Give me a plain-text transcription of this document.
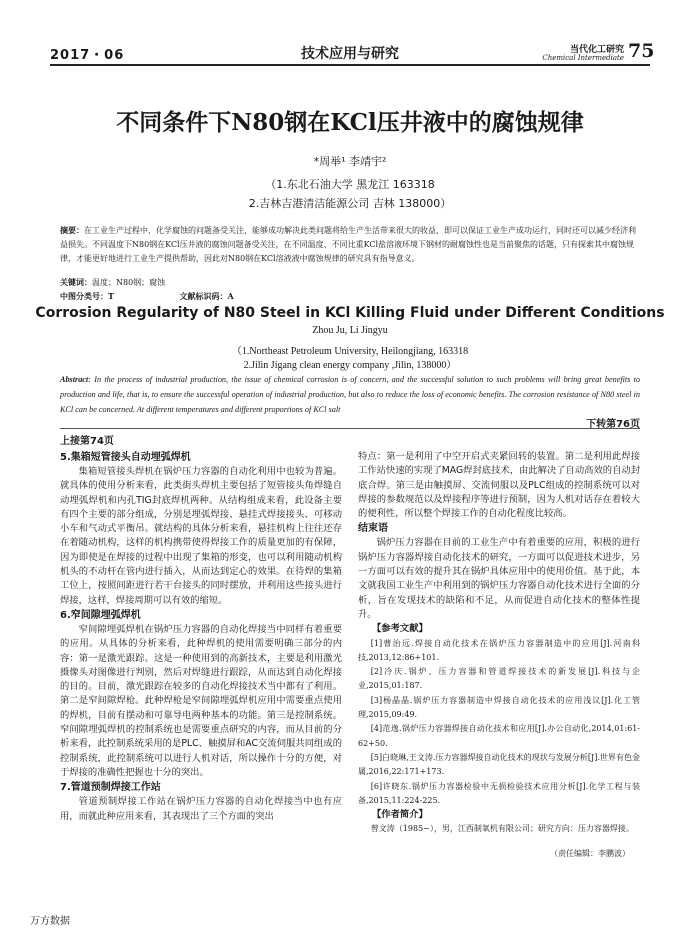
2017・06	技术应用与研究	当代化工研究
Chemical Intermediate 75
不同条件下N80钢在KCl压井液中的腐蚀规律
*周举¹ 李靖宇²
（1.东北石油大学 黑龙江 163318
2.吉林吉港清洁能源公司 吉林 138000）
摘要：在工业生产过程中，化学腐蚀的问题备受关注，能够成功解决此类问题将给生产生活带来很大的收益，即可以保证工业生产成功运行，同时还可以减少经济利益损失。不同温度下N80钢在KCl压井液的腐蚀问题备受关注，在不同温度、不同比重KCl盐溶液环境下钢材的耐腐蚀性也是当前聚焦的话题，只有探索其中腐蚀规律，才能更好地进行工业生产提供帮助，因此对N80钢在KCl溶液液中腐蚀规律的研究具有指导意义。
关键词：温度；N80钢；腐蚀
中图分类号：T	文献标识码：A
Corrosion Regularity of N80 Steel in KCl Killing Fluid under Different Conditions
Zhou Ju, Li Jingyu
（1.Northeast Petroleum University, Heilongjiang, 163318
2.Jilin Jigang clean energy company ,Jilin, 138000）
Abstract: In the process of industrial production, the issue of chemical corrosion is of concern, and the successful solution to such problems will bring great benefits to production and life, that is, to ensure the successful operation of industrial production, but also to reduce the loss of economic benefits. The corrosion resistance of N80 steel in KCl can be concerned. At different temperatures and different proportions of KCl salt
下转第76页
上接第74页
5.集箱短管接头自动埋弧焊机

集箱短管接头焊机在锅炉压力容器的自动化利用中也较为普遍。就具体的使用分析来看，此类街头焊机主要包括了短管接头角焊缝自动埋弧焊机和内孔TIG封底焊机两种。从结构组成来看，此设备主要有四个主要的部分组成，分别是埋弧焊接、悬挂式焊接接头、可移动小车和气动式平衡吊。就结构的具体分析来看，悬挂机构上往往还存在着随动机构，这样的机构携带使得焊接工作的质量更加的有保障，因为即使是在焊接的过程中出现了集箱的形变，也可以利用随动机构机头的不动杆在管内进行插入，从而达到定心的效果。在待焊的集箱工位上，按照间距进行若干台接头的同时摆放，并利用这些接头进行焊接，这样，焊接周期可以有效的缩短。

6.窄间隙埋弧焊机

窄间隙埋弧焊机在锅炉压力容器的自动化焊接当中同样有着重要的应用。从具体的分析来看，此种焊机的使用需要明确三部分的内容：第一是激光跟踪。这是一种使用到的高新技术，主要是利用激光摄像头对图像进行判别，然后对焊缝进行跟踪，从而达到自动化焊接的目的。目前，激光跟踪在较多的自动化焊接技术当中都有了利用。第二是窄间隙焊枪。此种焊枪是窄间隙埋弧焊机应用中需要重点使用的焊机，目前有摆动和可靠导电两种基本的功能。第三是控制系统。窄间隙埋弧焊机的控制系统也是需要重点研究的内容，而从目前的分析来看，此控制系统采用的是PLC、触摸屏和AC交流伺服共同组成的控制系统，此控制系统可以进行人机对话，所以操作十分的方便，对于焊接的准确性把握也十分的突出。

7.管道预制焊接工作站

管道预制焊接工作站在锅炉压力容器的自动化焊接当中也有应用，而就此种应用来看，其表现出了三个方面的突出

特点：第一是利用了中空开启式夹紧回转的装置。第二是利用此焊接工作站快速的实现了MAG焊封底技术，由此解决了自动高效的自动封底合焊。第三是由触摸屏、交流伺服以及PLC组成的控制系统可以对焊接的参数规范以及焊接程序等进行预制，因为人机对话存在着较大的便利性，所以整个焊接工作的自动化程度比较高。

结束语

锅炉压力容器在目前的工业生产中有着重要的应用，积极的进行锅炉压力容器焊接自动化技术的研究，一方面可以促进技术进步，另一方面可以有效的提升其在锅炉具体应用中的使用价值。基于此，本文就我国工业生产中利用到的锅炉压力容器自动化技术进行全面的分析，旨在发现技术的缺陷和不足，从而促进自动化技术的整体性提升。

【参考文献】
[1]曹治远.焊接自动化技术在锅炉压力容器制造中的应用[J].河南科技,2013,12:86+101.
[2]冷庆.锅炉、压力容器和管道焊接技术的新发展[J].科技与企业,2015,01:187.
[3]杨晶晶.锅炉压力容器制造中焊接自动化技术的应用浅议[J].化工管理,2015,09:49.
[4]范逸.锅炉压力容器焊接自动化技术和应用[J].办公自动化,2014,01:61-62+50.
[5]白晓琳,王文涛.压力容器焊接自动化技术的现状与发展分析[J].世界有色金属,2016,22:171+173.
[6]许晓东.锅炉压力容器检验中无损检验技术应用分析[J].化学工程与装备,2015,11:224-225.
【作者简介】
曾文涛（1985~），男，江西制氧机有限公司；研究方向：压力容器焊接。
（责任编辑：李鹏波）
万方数据
